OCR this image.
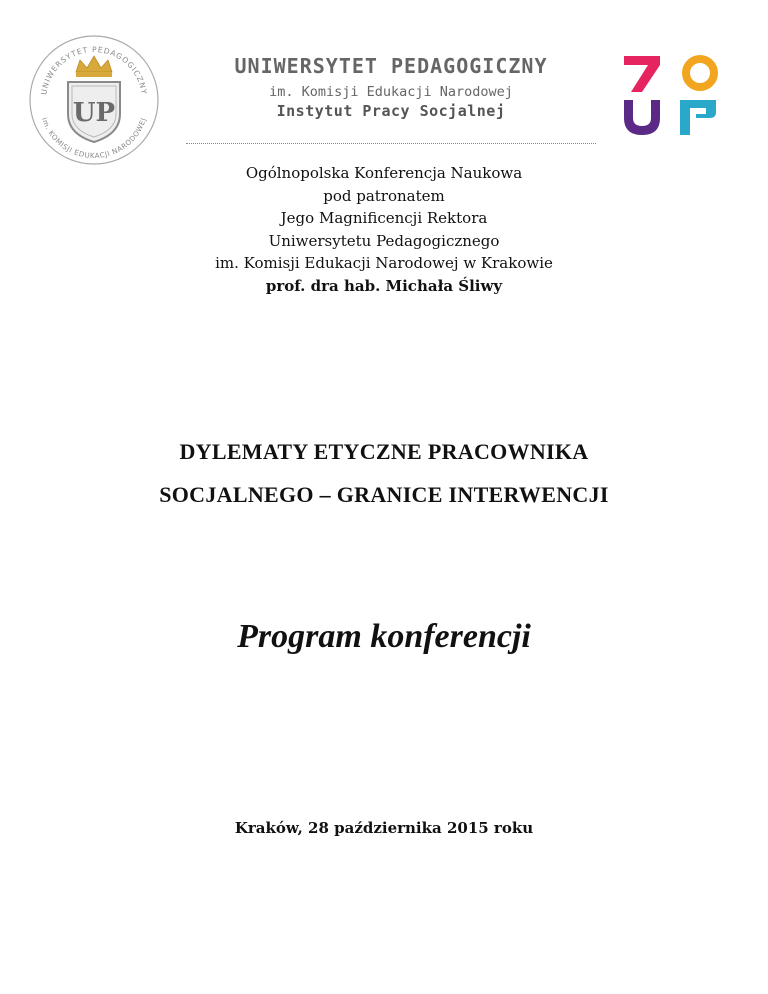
UNIWERSYTET PEDAGOGICZNY
im. KOMISJI EDUKACJI NARODOWEJ
UP
UNIWERSYTET PEDAGOGICZNY
im. Komisji Edukacji Narodowej
Instytut Pracy Socjalnej
Ogólnopolska Konferencja Naukowa
pod patronatem
Jego Magnificencji Rektora
Uniwersytetu Pedagogicznego
im. Komisji Edukacji Narodowej w Krakowie
prof. dra hab. Michała Śliwy
DYLEMATY ETYCZNE PRACOWNIKA
SOCJALNEGO – GRANICE INTERWENCJI
Program konferencji
Kraków, 28 października 2015 roku
